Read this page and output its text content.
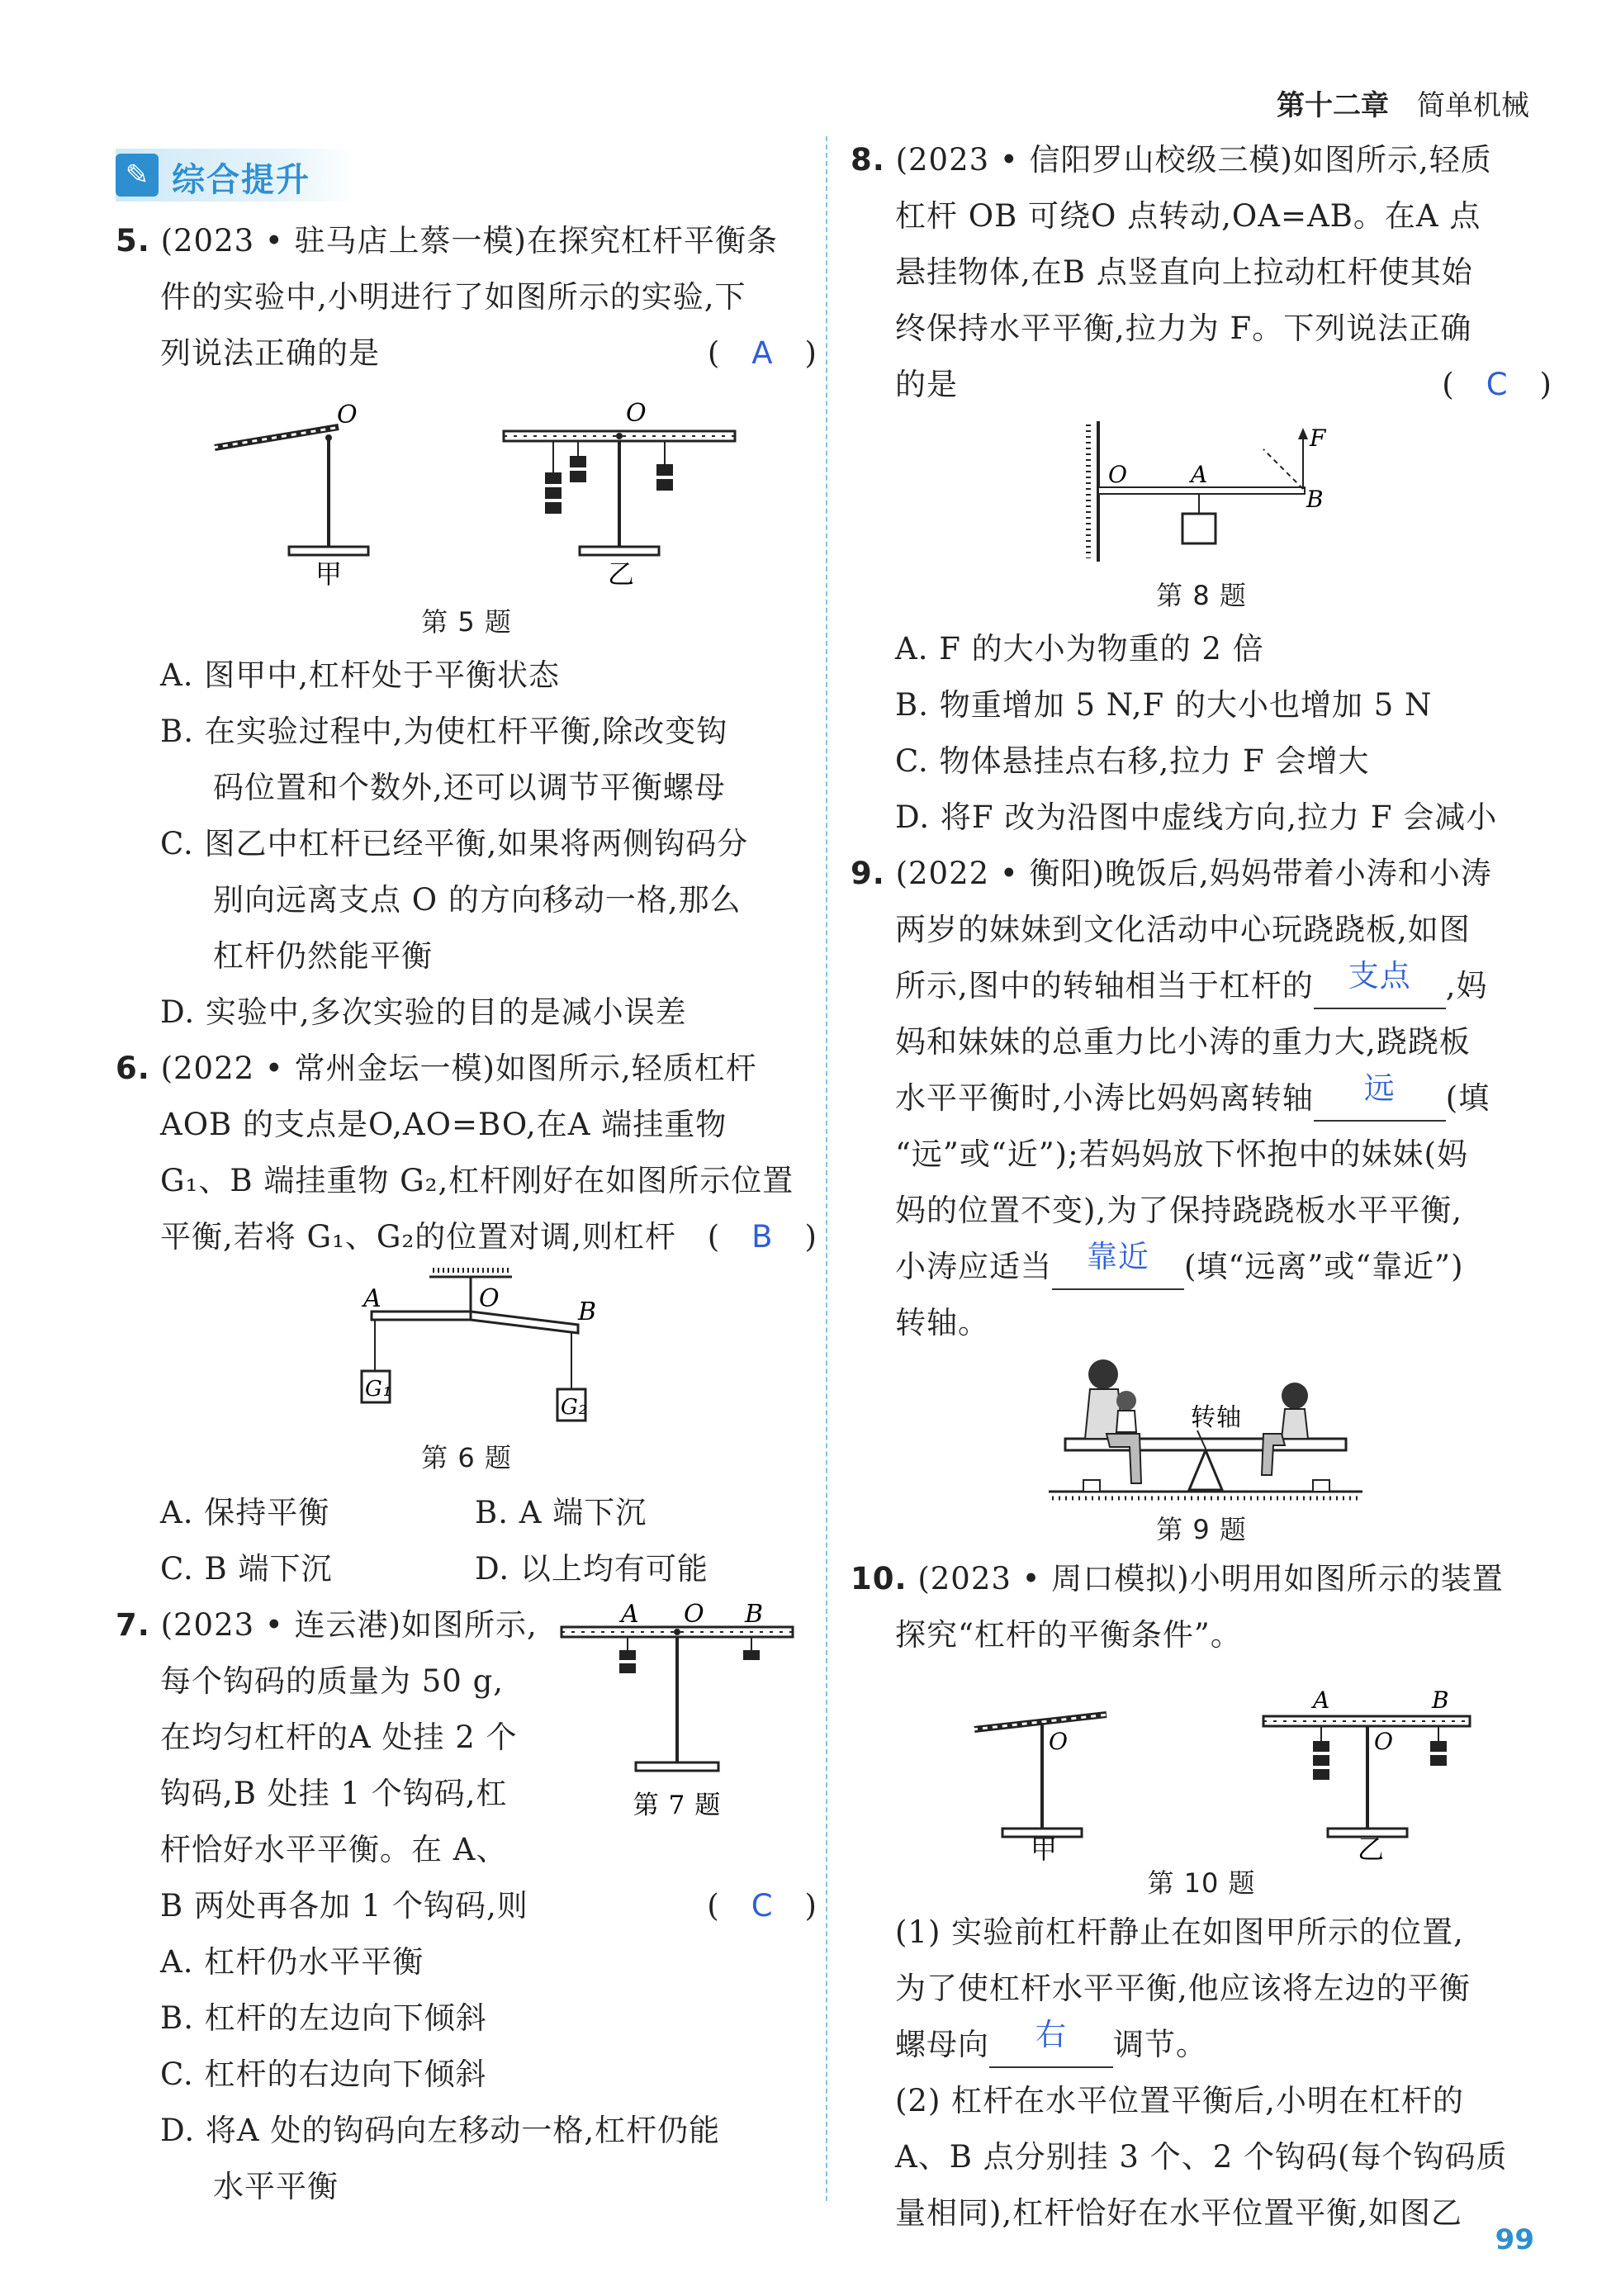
第十二章 简单机械
✎ 综合提升
5. (2023 • 驻马店上蔡一模)在探究杠杆平衡条
件的实验中,小明进行了如图所示的实验,下
列说法正确的是	(　A　)
O
甲
O
乙
第 5 题
A. 图甲中,杠杆处于平衡状态
B. 在实验过程中,为使杠杆平衡,除改变钩
码位置和个数外,还可以调节平衡螺母
C. 图乙中杠杆已经平衡,如果将两侧钩码分
别向远离支点 O 的方向移动一格,那么
杠杆仍然能平衡
D. 实验中,多次实验的目的是减小误差
6. (2022 • 常州金坛一模)如图所示,轻质杠杆
AOB 的支点是O,AO=BO,在A 端挂重物
G₁、B 端挂重物 G₂,杠杆刚好在如图所示位置
平衡,若将 G₁、G₂的位置对调,则杠杆 (　B　)
A	O	B
G₁
G₂
第 6 题
A. 保持平衡	B. A 端下沉
C. B 端下沉	D. 以上均有可能
7. (2023 • 连云港)如图所示,
每个钩码的质量为 50 g,
在均匀杠杆的A 处挂 2 个
钩码,B 处挂 1 个钩码,杠
杆恰好水平平衡。在 A、
B 两处再各加 1 个钩码,则	(　C　)
A O B
第 7 题
A. 杠杆仍水平平衡
B. 杠杆的左边向下倾斜
C. 杠杆的右边向下倾斜
D. 将A 处的钩码向左移动一格,杠杆仍能
水平平衡
8. (2023 • 信阳罗山校级三模)如图所示,轻质
杠杆 OB 可绕O 点转动,OA=AB。在A 点
悬挂物体,在B 点竖直向上拉动杠杆使其始
终保持水平平衡,拉力为 F。下列说法正确
的是	(　C　)
O	A
B
F
第 8 题
A. F 的大小为物重的 2 倍
B. 物重增加 5 N,F 的大小也增加 5 N
C. 物体悬挂点右移,拉力 F 会增大
D. 将F 改为沿图中虚线方向,拉力 F 会减小
9. (2022 • 衡阳)晚饭后,妈妈带着小涛和小涛
两岁的妹妹到文化活动中心玩跷跷板,如图
所示,图中的转轴相当于杠杆的 支点 ,妈
妈和妹妹的总重力比小涛的重力大,跷跷板
水平平衡时,小涛比妈妈离转轴 远 (填
“远”或“近”);若妈妈放下怀抱中的妹妹(妈
妈的位置不变),为了保持跷跷板水平平衡,
小涛应适当 靠近 (填“远离”或“靠近”)
转轴。
转轴
第 9 题
10. (2023 • 周口模拟)小明用如图所示的装置
探究“杠杆的平衡条件”。
O
甲
A
O
B
乙
第 10 题
(1) 实验前杠杆静止在如图甲所示的位置,
为了使杠杆水平平衡,他应该将左边的平衡
螺母向 右 调节。
(2) 杠杆在水平位置平衡后,小明在杠杆的
A、B 点分别挂 3 个、2 个钩码(每个钩码质
量相同),杠杆恰好在水平位置平衡,如图乙
99
